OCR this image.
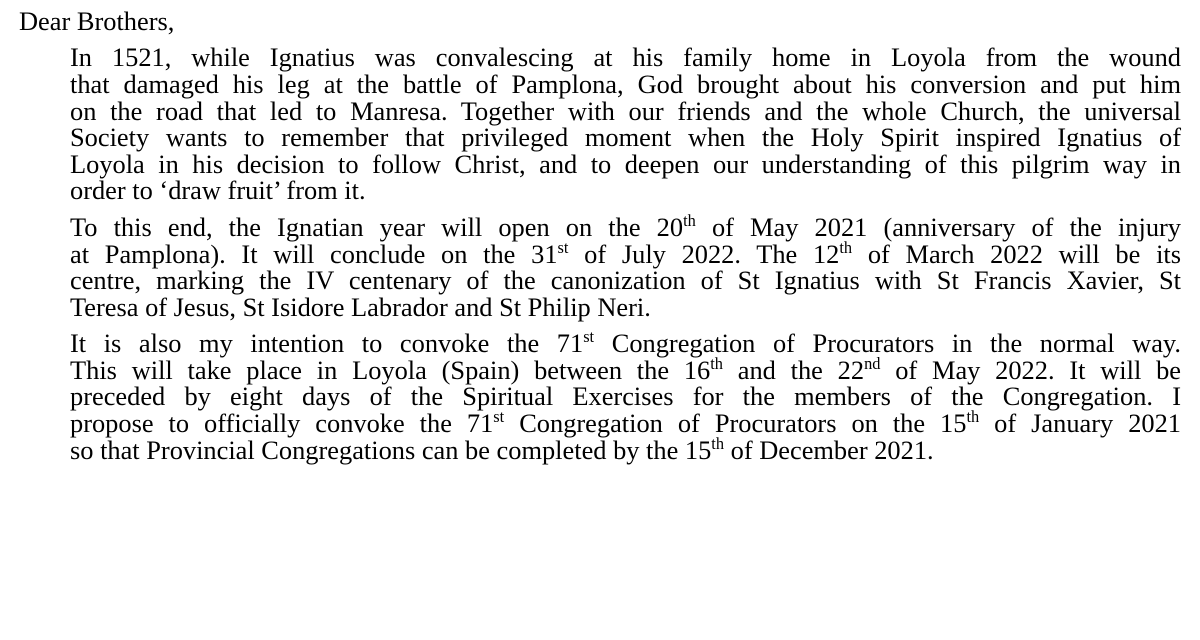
Dear Brothers,

In 1521, while Ignatius was convalescing at his family home in Loyola from the wound
that damaged his leg at the battle of Pamplona, God brought about his conversion and put him
on the road that led to Manresa. Together with our friends and the whole Church, the universal
Society wants to remember that privileged moment when the Holy Spirit inspired Ignatius of
Loyola in his decision to follow Christ, and to deepen our understanding of this pilgrim way in
order to ‘draw fruit’ from it.

To this end, the Ignatian year will open on the 20th of May 2021 (anniversary of the injury
at Pamplona). It will conclude on the 31st of July 2022. The 12th of March 2022 will be its
centre, marking the IV centenary of the canonization of St Ignatius with St Francis Xavier, St
Teresa of Jesus, St Isidore Labrador and St Philip Neri.

It is also my intention to convoke the 71st Congregation of Procurators in the normal way.
This will take place in Loyola (Spain) between the 16th and the 22nd of May 2022. It will be
preceded by eight days of the Spiritual Exercises for the members of the Congregation. I
propose to officially convoke the 71st Congregation of Procurators on the 15th of January 2021
so that Provincial Congregations can be completed by the 15th of December 2021.
